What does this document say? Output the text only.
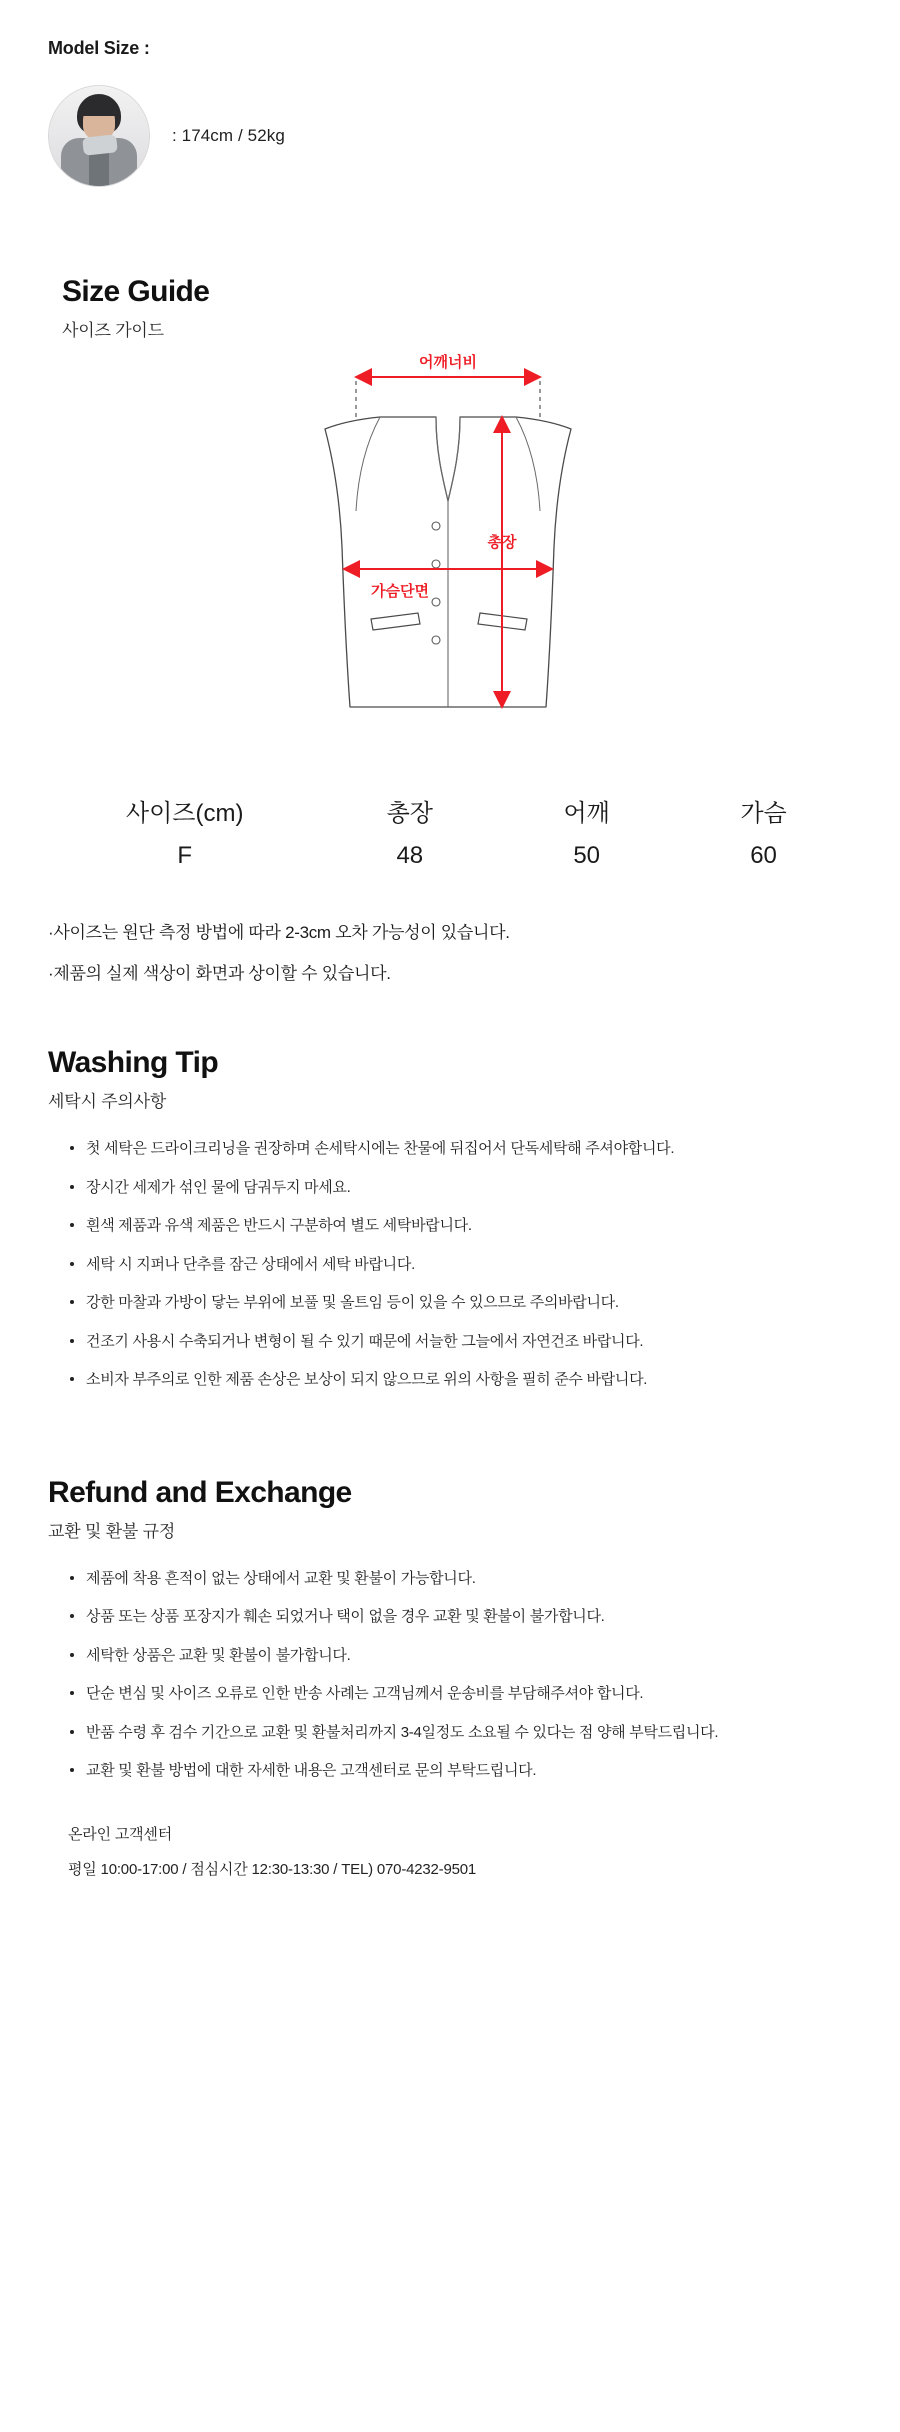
Model Size :
: 174cm / 52kg
Size Guide
사이즈 가이드
어깨너비
총장
가슴단면
사이즈(cm)	총장	어깨	가슴
F	48	50	60
·사이즈는 원단 측정 방법에 따라 2-3cm 오차 가능성이 있습니다.
·제품의 실제 색상이 화면과 상이할 수 있습니다.
Washing Tip
세탁시 주의사항
첫 세탁은 드라이크리닝을 권장하며 손세탁시에는 찬물에 뒤집어서 단독세탁해 주셔야합니다.
장시간 세제가 섞인 물에 담궈두지 마세요.
흰색 제품과 유색 제품은 반드시 구분하여 별도 세탁바랍니다.
세탁 시 지퍼나 단추를 잠근 상태에서 세탁 바랍니다.
강한 마찰과 가방이 닿는 부위에 보풀 및 올트임 등이 있을 수 있으므로 주의바랍니다.
건조기 사용시 수축되거나 변형이 될 수 있기 때문에 서늘한 그늘에서 자연건조 바랍니다.
소비자 부주의로 인한 제품 손상은 보상이 되지 않으므로 위의 사항을 필히 준수 바랍니다.
Refund and Exchange
교환 및 환불 규정
제품에 착용 흔적이 없는 상태에서 교환 및 환불이 가능합니다.
상품 또는 상품 포장지가 훼손 되었거나 택이 없을 경우 교환 및 환불이 불가합니다.
세탁한 상품은 교환 및 환불이 불가합니다.
단순 변심 및 사이즈 오류로 인한 반송 사례는 고객님께서 운송비를 부담해주셔야 합니다.
반품 수령 후 검수 기간으로 교환 및 환불처리까지 3-4일정도 소요될 수 있다는 점 양해 부탁드립니다.
교환 및 환불 방법에 대한 자세한 내용은 고객센터로 문의 부탁드립니다.
온라인 고객센터
평일 10:00-17:00 / 점심시간 12:30-13:30 / TEL) 070-4232-9501
